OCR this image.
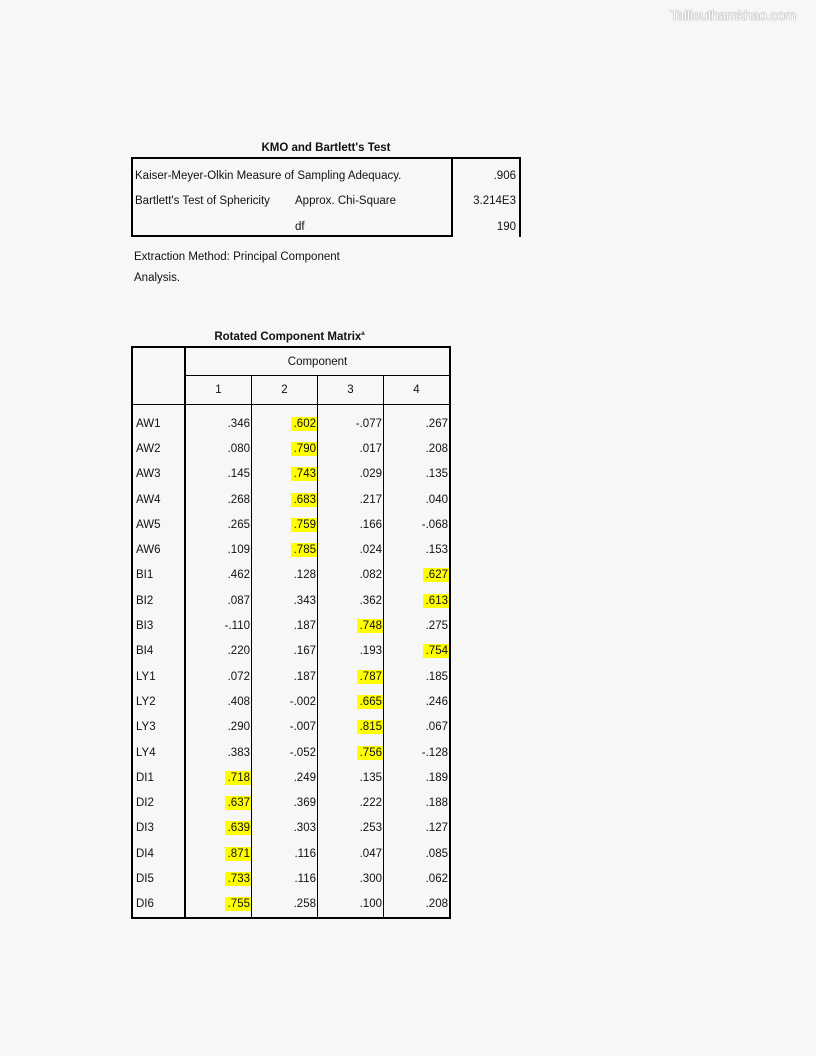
Tailieuthamkhao.com
KMO and Bartlett's Test
Kaiser-Meyer-Olkin Measure of Sampling Adequacy.	.906
Bartlett's Test of Sphericity Approx. Chi-Square	3.214E3
df	190
Extraction Method: Principal Component
Analysis.
Rotated Component Matrix$^a$
	Component			
	1	2	3	4
AW1	.346	.602	-.077	.267
AW2	.080	.790	.017	.208
AW3	.145	.743	.029	.135
AW4	.268	.683	.217	.040
AW5	.265	.759	.166	-.068
AW6	.109	.785	.024	.153
BI1	.462	.128	.082	.627
BI2	.087	.343	.362	.613
BI3	-.110	.187	.748	.275
BI4	.220	.167	.193	.754
LY1	.072	.187	.787	.185
LY2	.408	-.002	.665	.246
LY3	.290	-.007	.815	.067
LY4	.383	-.052	.756	-.128
DI1	.718	.249	.135	.189
DI2	.637	.369	.222	.188
DI3	.639	.303	.253	.127
DI4	.871	.116	.047	.085
DI5	.733	.116	.300	.062
DI6	.755	.258	.100	.208
